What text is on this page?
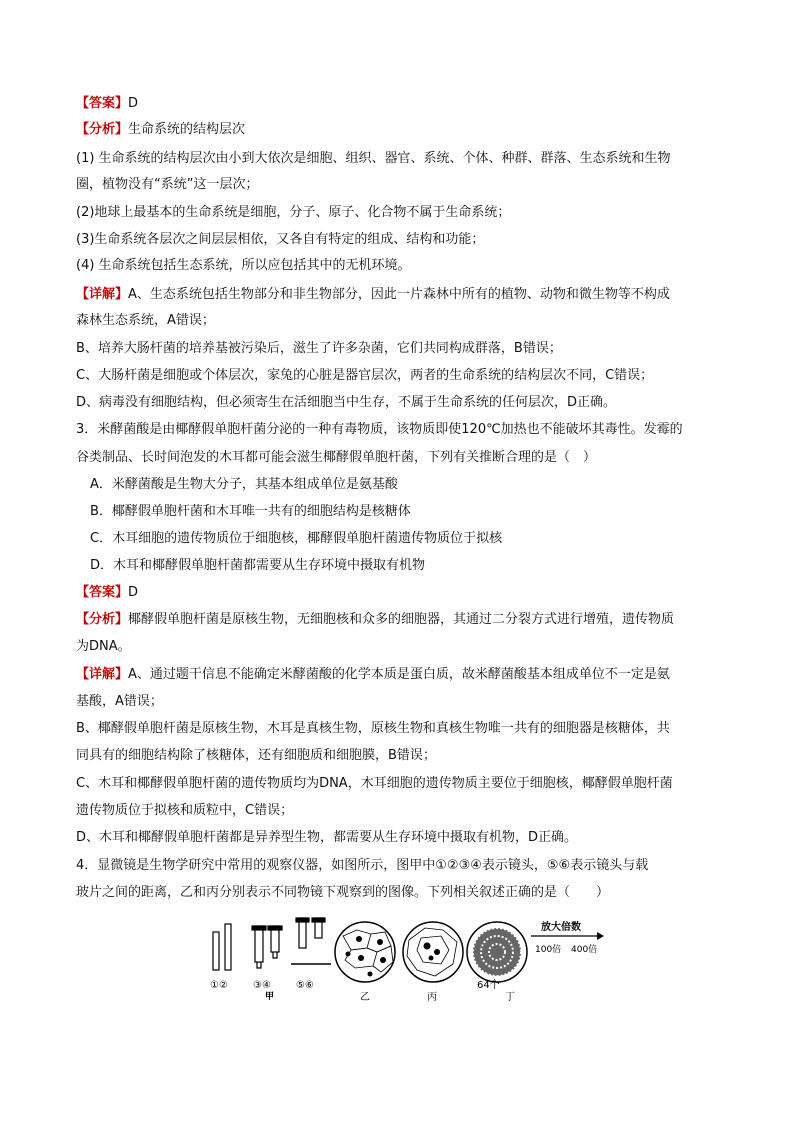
【答案】D
【分析】生命系统的结构层次
(1) 生命系统的结构层次由小到大依次是细胞、组织、器官、系统、个体、种群、群落、生态系统和生物
圈，植物没有“系统”这一层次；
(2)地球上最基本的生命系统是细胞，分子、原子、化合物不属于生命系统；
(3)生命系统各层次之间层层相依，又各自有特定的组成、结构和功能；
(4) 生命系统包括生态系统，所以应包括其中的无机环境。
【详解】A、生态系统包括生物部分和非生物部分，因此一片森林中所有的植物、动物和微生物等不构成
森林生态系统，A错误；
B、培养大肠杆菌的培养基被污染后，滋生了许多杂菌，它们共同构成群落，B错误；
C、大肠杆菌是细胞或个体层次，家兔的心脏是器官层次，两者的生命系统的结构层次不同，C错误；
D、病毒没有细胞结构，但必须寄生在活细胞当中生存，不属于生命系统的任何层次，D正确。
3．米酵菌酸是由椰酵假单胞杆菌分泌的一种有毒物质，该物质即使120℃加热也不能破坏其毒性。发霉的
谷类制品、长时间泡发的木耳都可能会滋生椰酵假单胞杆菌，下列有关推断合理的是（　）
A．米酵菌酸是生物大分子，其基本组成单位是氨基酸
B．椰酵假单胞杆菌和木耳唯一共有的细胞结构是核糖体
C．木耳细胞的遗传物质位于细胞核，椰酵假单胞杆菌遗传物质位于拟核
D．木耳和椰酵假单胞杆菌都需要从生存环境中摄取有机物
【答案】D
【分析】椰酵假单胞杆菌是原核生物，无细胞核和众多的细胞器，其通过二分裂方式进行增殖，遗传物质
为DNA。
【详解】A、通过题干信息不能确定米酵菌酸的化学本质是蛋白质，故米酵菌酸基本组成单位不一定是氨
基酸，A错误；
B、椰酵假单胞杆菌是原核生物，木耳是真核生物，原核生物和真核生物唯一共有的细胞器是核糖体，共
同具有的细胞结构除了核糖体，还有细胞质和细胞膜，B错误；
C、木耳和椰酵假单胞杆菌的遗传物质均为DNA，木耳细胞的遗传物质主要位于细胞核，椰酵假单胞杆菌
遗传物质位于拟核和质粒中，C错误；
D、木耳和椰酵假单胞杆菌都是异养型生物，都需要从生存环境中摄取有机物，D正确。
4．显微镜是生物学研究中常用的观察仪器，如图所示，图甲中①②③④表示镜头，⑤⑥表示镜头与载
玻片之间的距离，乙和丙分别表示不同物镜下观察到的图像。下列相关叙述正确的是（　　）
①②	③④
甲
⑤⑥
乙	丙
64个
丁
放大倍数
100倍 400倍
